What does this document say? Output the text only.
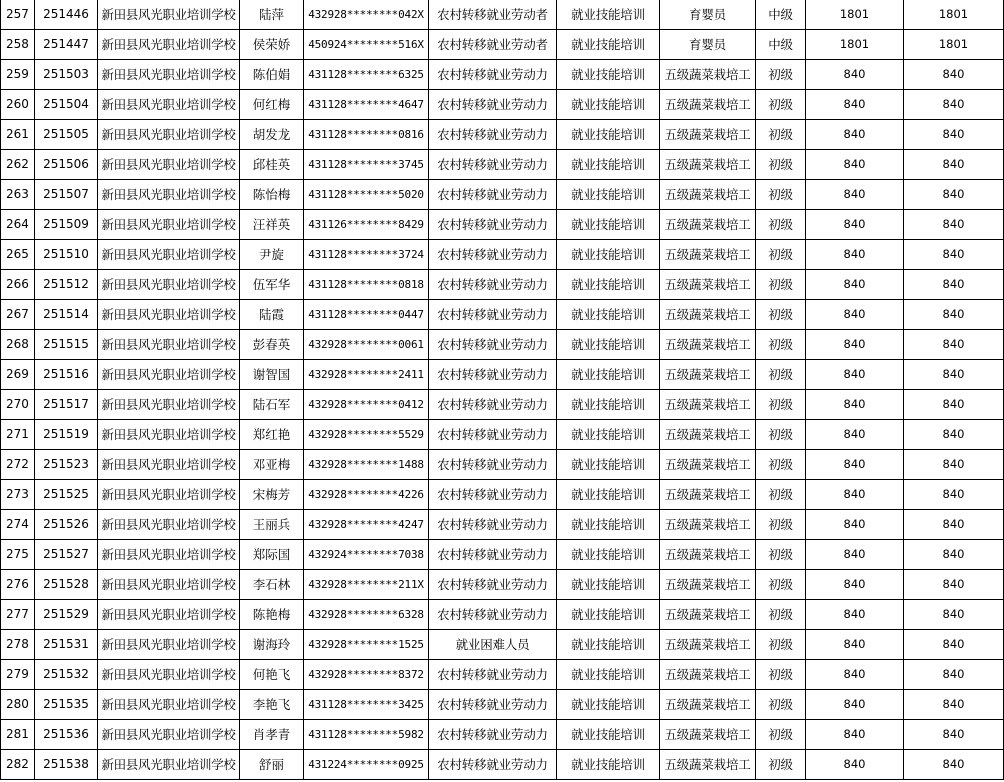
257	251446	新田县风光职业培训学校	陆萍	432928********042X	农村转移就业劳动者	就业技能培训	育婴员	中级	1801	1801
258	251447	新田县风光职业培训学校	侯荣娇	450924********516X	农村转移就业劳动者	就业技能培训	育婴员	中级	1801	1801
259	251503	新田县风光职业培训学校	陈伯娟	431128********6325	农村转移就业劳动力	就业技能培训	五级蔬菜栽培工	初级	840	840
260	251504	新田县风光职业培训学校	何红梅	431128********4647	农村转移就业劳动力	就业技能培训	五级蔬菜栽培工	初级	840	840
261	251505	新田县风光职业培训学校	胡发龙	431128********0816	农村转移就业劳动力	就业技能培训	五级蔬菜栽培工	初级	840	840
262	251506	新田县风光职业培训学校	邱桂英	431128********3745	农村转移就业劳动力	就业技能培训	五级蔬菜栽培工	初级	840	840
263	251507	新田县风光职业培训学校	陈怡梅	431128********5020	农村转移就业劳动力	就业技能培训	五级蔬菜栽培工	初级	840	840
264	251509	新田县风光职业培训学校	汪祥英	431126********8429	农村转移就业劳动力	就业技能培训	五级蔬菜栽培工	初级	840	840
265	251510	新田县风光职业培训学校	尹旋	431128********3724	农村转移就业劳动力	就业技能培训	五级蔬菜栽培工	初级	840	840
266	251512	新田县风光职业培训学校	伍军华	431128********0818	农村转移就业劳动力	就业技能培训	五级蔬菜栽培工	初级	840	840
267	251514	新田县风光职业培训学校	陆霞	431128********0447	农村转移就业劳动力	就业技能培训	五级蔬菜栽培工	初级	840	840
268	251515	新田县风光职业培训学校	彭春英	432928********0061	农村转移就业劳动力	就业技能培训	五级蔬菜栽培工	初级	840	840
269	251516	新田县风光职业培训学校	谢智国	432928********2411	农村转移就业劳动力	就业技能培训	五级蔬菜栽培工	初级	840	840
270	251517	新田县风光职业培训学校	陆石军	432928********0412	农村转移就业劳动力	就业技能培训	五级蔬菜栽培工	初级	840	840
271	251519	新田县风光职业培训学校	郑红艳	432928********5529	农村转移就业劳动力	就业技能培训	五级蔬菜栽培工	初级	840	840
272	251523	新田县风光职业培训学校	邓亚梅	432928********1488	农村转移就业劳动力	就业技能培训	五级蔬菜栽培工	初级	840	840
273	251525	新田县风光职业培训学校	宋梅芳	432928********4226	农村转移就业劳动力	就业技能培训	五级蔬菜栽培工	初级	840	840
274	251526	新田县风光职业培训学校	王丽兵	432928********4247	农村转移就业劳动力	就业技能培训	五级蔬菜栽培工	初级	840	840
275	251527	新田县风光职业培训学校	郑际国	432924********7038	农村转移就业劳动力	就业技能培训	五级蔬菜栽培工	初级	840	840
276	251528	新田县风光职业培训学校	李石林	432928********211X	农村转移就业劳动力	就业技能培训	五级蔬菜栽培工	初级	840	840
277	251529	新田县风光职业培训学校	陈艳梅	432928********6328	农村转移就业劳动力	就业技能培训	五级蔬菜栽培工	初级	840	840
278	251531	新田县风光职业培训学校	谢海玲	432928********1525	就业困难人员	就业技能培训	五级蔬菜栽培工	初级	840	840
279	251532	新田县风光职业培训学校	何艳飞	432928********8372	农村转移就业劳动力	就业技能培训	五级蔬菜栽培工	初级	840	840
280	251535	新田县风光职业培训学校	李艳飞	431128********3425	农村转移就业劳动力	就业技能培训	五级蔬菜栽培工	初级	840	840
281	251536	新田县风光职业培训学校	肖孝青	431128********5982	农村转移就业劳动力	就业技能培训	五级蔬菜栽培工	初级	840	840
282	251538	新田县风光职业培训学校	舒丽	431224********0925	农村转移就业劳动力	就业技能培训	五级蔬菜栽培工	初级	840	840
